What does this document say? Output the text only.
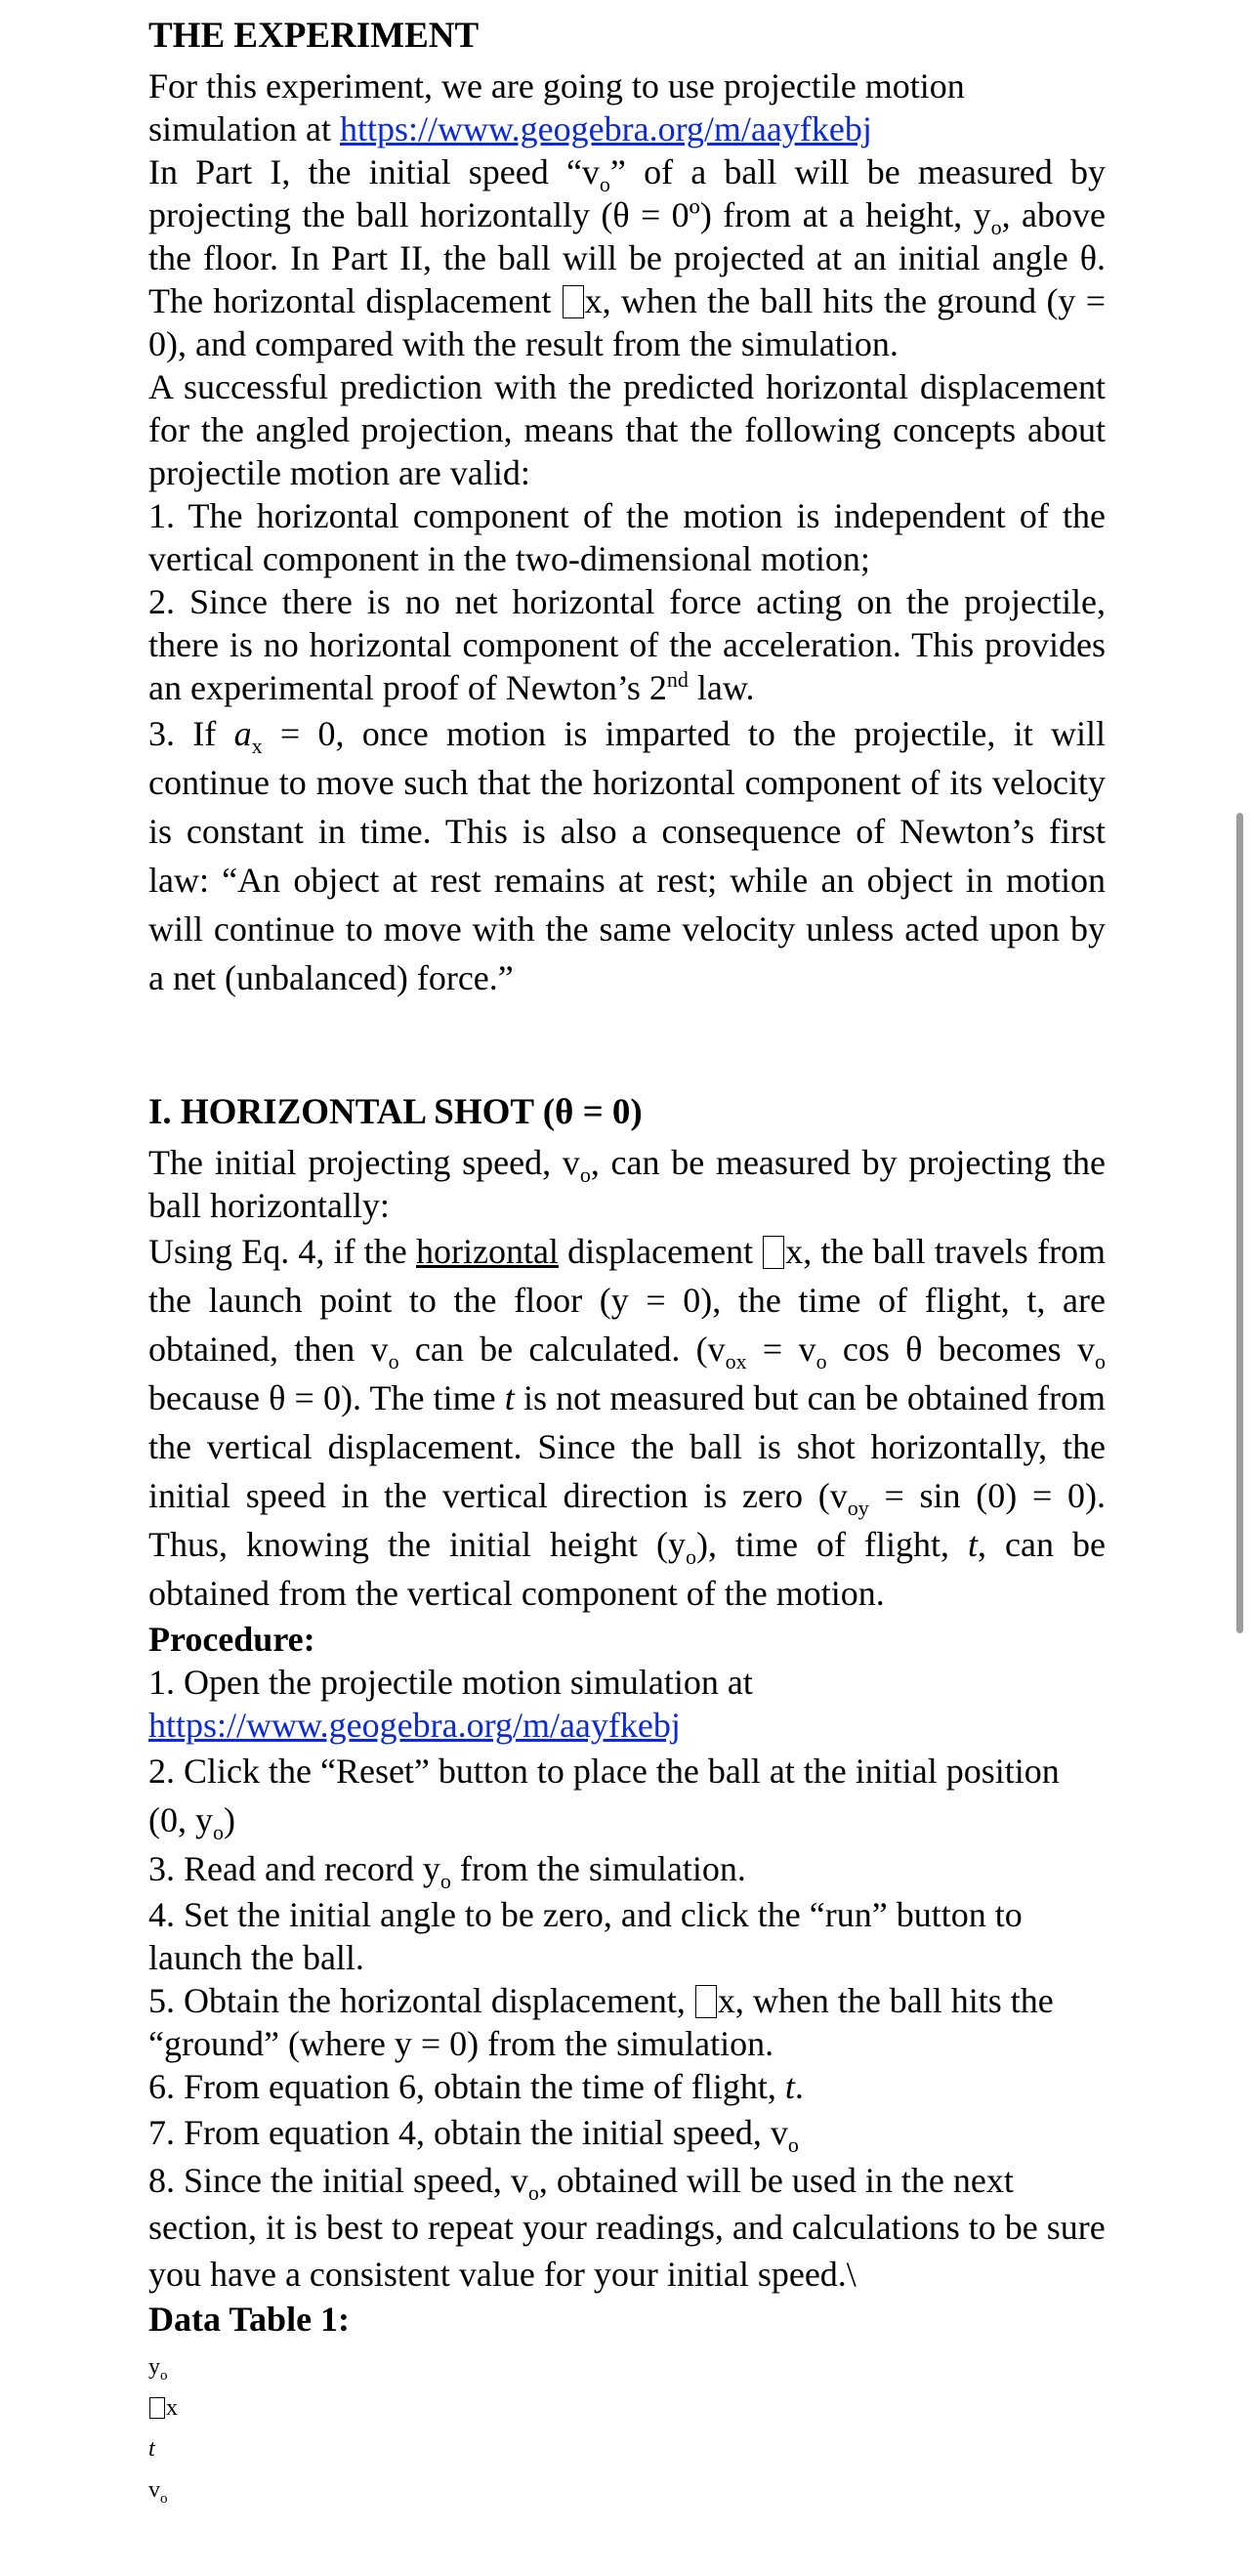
THE EXPERIMENT
For this experiment, we are going to use projectile motion simulation at https://www.geogebra.org/m/aayfkebj
In Part I, the initial speed “$v_o$” of a ball will be measured by projecting the ball horizontally (θ = 0º) from at a height, $y_o$, above the floor. In Part II, the ball will be projected at an initial angle θ. The horizontal displacement x, when the ball hits the ground (y = 0), and compared with the result from the simulation.
A successful prediction with the predicted horizontal displacement for the angled projection, means that the following concepts about projectile motion are valid:
1. The horizontal component of the motion is independent of the vertical component in the two-dimensional motion;
2. Since there is no net horizontal force acting on the projectile, there is no horizontal component of the acceleration. This provides an experimental proof of Newton’s 2nd law.
3. If $a_x = 0$, once motion is imparted to the projectile, it will continue to move such that the horizontal component of its velocity is constant in time. This is also a consequence of Newton’s first law: “An object at rest remains at rest; while an object in motion will continue to move with the same velocity unless acted upon by a net (unbalanced) force.”
I. HORIZONTAL SHOT (θ = 0)
The initial projecting speed, $v_o$, can be measured by projecting the ball horizontally:
Using Eq. 4, if the horizontal displacement x, the ball travels from the launch point to the floor (y = 0), the time of flight, t, are obtained, then $v_o$ can be calculated. ($v_{ox} = v_o$ cos θ becomes $v_o$ because θ = 0). The time t is not measured but can be obtained from the vertical displacement. Since the ball is shot horizontally, the initial speed in the vertical direction is zero $(v_{oy} = \sin (0) = 0)$. Thus, knowing the initial height $(y_o)$, time of flight, t, can be obtained from the vertical component of the motion.
Procedure:
1. Open the projectile motion simulation at
https://www.geogebra.org/m/aayfkebj
2. Click the “Reset” button to place the ball at the initial position (0, $y_o$)
3. Read and record $y_o$ from the simulation.
4. Set the initial angle to be zero, and click the “run” button to launch the ball.
5. Obtain the horizontal displacement, x, when the ball hits the “ground” (where y = 0) from the simulation.
6. From equation 6, obtain the time of flight, t.
7. From equation 4, obtain the initial speed, $v_o$
8. Since the initial speed, $v_o$, obtained will be used in the next section, it is best to repeat your readings, and calculations to be sure you have a consistent value for your initial speed.\
Data Table 1:
$y_o$
x
t
$v_o$
